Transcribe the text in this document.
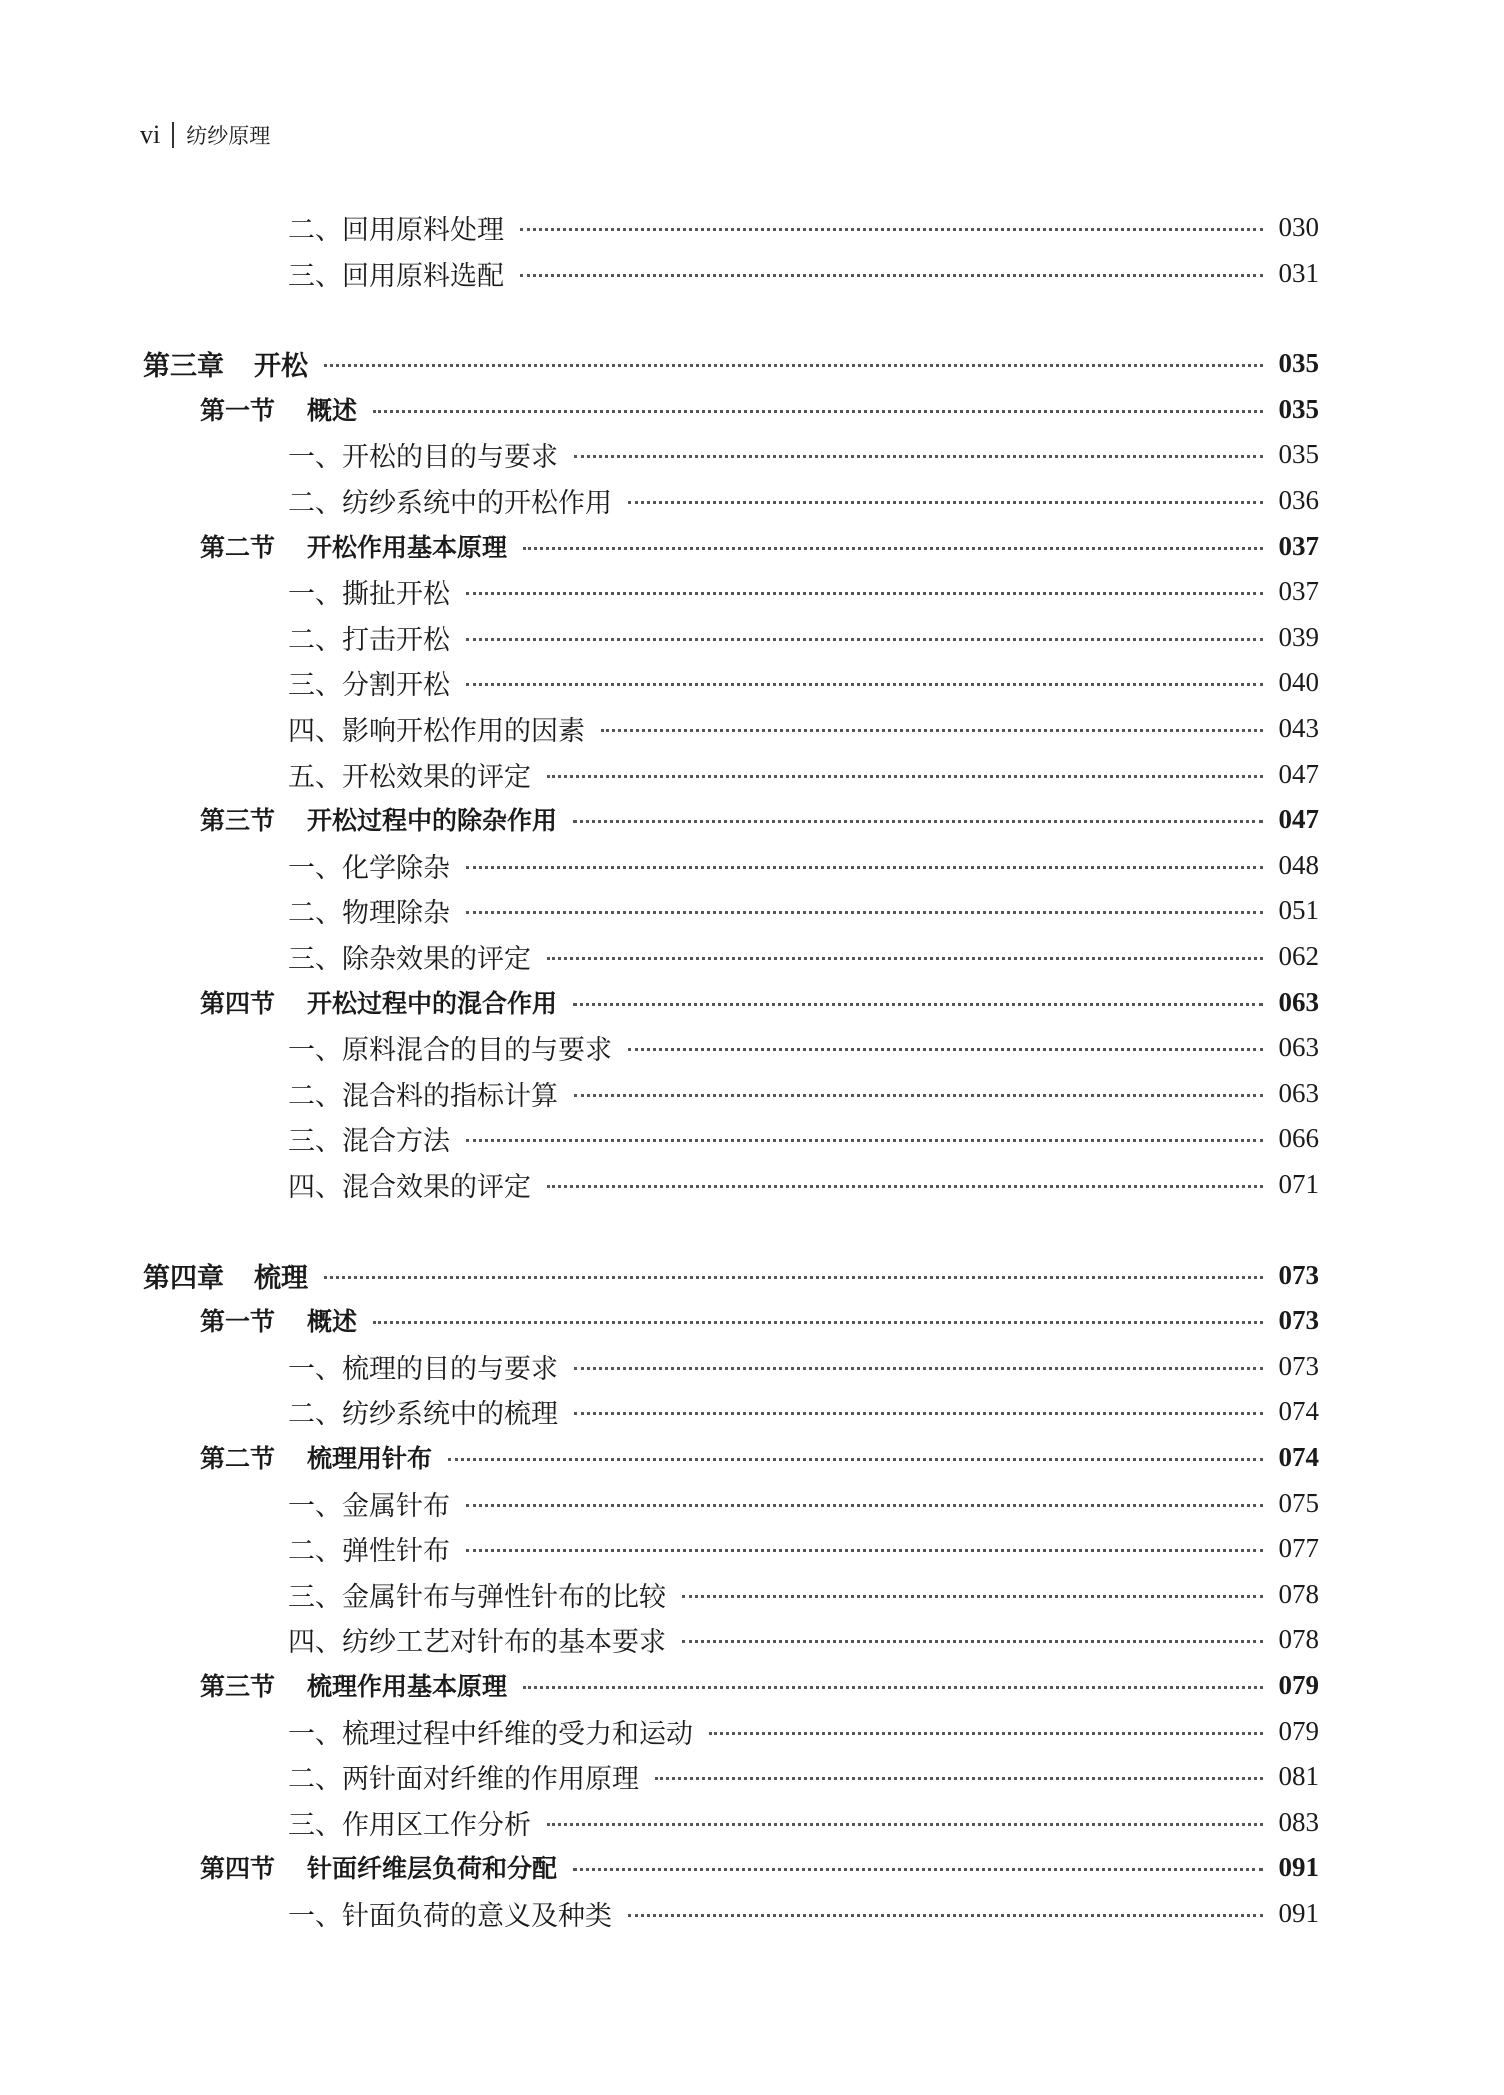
vi 纺纱原理
二、回用原料处理	030
三、回用原料选配	031
第三章 开松	035
第一节 概述	035
一、开松的目的与要求	035
二、纺纱系统中的开松作用	036
第二节 开松作用基本原理	037
一、撕扯开松	037
二、打击开松	039
三、分割开松	040
四、影响开松作用的因素	043
五、开松效果的评定	047
第三节 开松过程中的除杂作用	047
一、化学除杂	048
二、物理除杂	051
三、除杂效果的评定	062
第四节 开松过程中的混合作用	063
一、原料混合的目的与要求	063
二、混合料的指标计算	063
三、混合方法	066
四、混合效果的评定	071
第四章 梳理	073
第一节 概述	073
一、梳理的目的与要求	073
二、纺纱系统中的梳理	074
第二节 梳理用针布	074
一、金属针布	075
二、弹性针布	077
三、金属针布与弹性针布的比较	078
四、纺纱工艺对针布的基本要求	078
第三节 梳理作用基本原理	079
一、梳理过程中纤维的受力和运动	079
二、两针面对纤维的作用原理	081
三、作用区工作分析	083
第四节 针面纤维层负荷和分配	091
一、针面负荷的意义及种类	091
